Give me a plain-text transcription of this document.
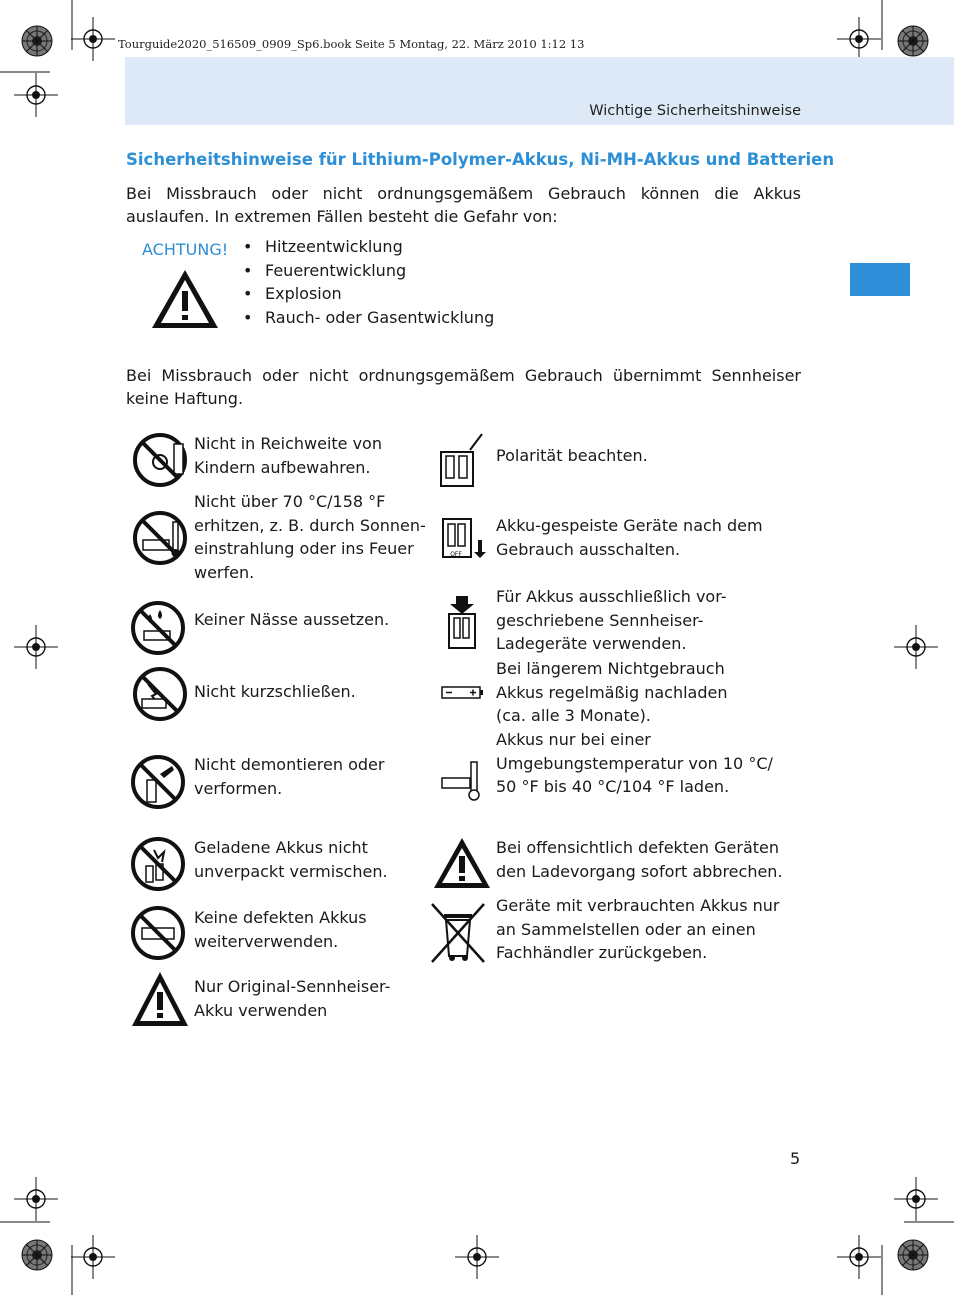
Tourguide2020_516509_0909_Sp6.book Seite 5 Montag, 22. März 2010 1:12 13
Wichtige Sicherheitshinweise
Sicherheitshinweise für Lithium-Polymer-Akkus, Ni-MH-Akkus und Batterien
Bei Missbrauch oder nicht ordnungsgemäßem Gebrauch können die Akkus auslaufen. In extremen Fällen besteht die Gefahr von:
ACHTUNG!
•	Hitzeentwicklung
• Feuerentwicklung
• Explosion
• Rauch- oder Gasentwicklung
Bei Missbrauch oder nicht ordnungsgemäßem Gebrauch übernimmt Sennheiser keine Haftung.
Nicht in Reichweite von
Kindern aufbewahren.
Nicht über 70 °C/158 °F
erhitzen, z. B. durch Sonnen-
einstrahlung oder ins Feuer
werfen.
Keiner Nässe aussetzen.
Nicht kurzschließen.
Nicht demontieren oder
verformen.
Geladene Akkus nicht
unverpackt vermischen.
Keine defekten Akkus
weiterverwenden.
Nur Original-Sennheiser-
Akku verwenden
Polarität beachten.
OFF
Akku-gespeiste Geräte nach dem
Gebrauch ausschalten.
Für Akkus ausschließlich vor-
geschriebene Sennheiser-
Ladegeräte verwenden.
Bei längerem Nichtgebrauch
Akkus regelmäßig nachladen
(ca. alle 3 Monate).
Akkus nur bei einer
Umgebungstemperatur von 10 °C/
50 °F bis 40 °C/104 °F laden.
Bei offensichtlich defekten Geräten
den Ladevorgang sofort abbrechen.
Geräte mit verbrauchten Akkus nur
an Sammelstellen oder an einen
Fachhändler zurückgeben.
5
